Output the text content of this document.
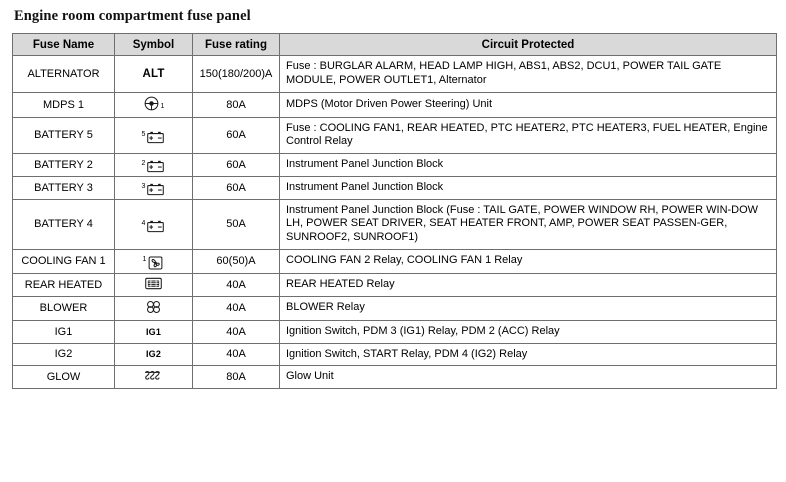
Engine room compartment fuse panel
Fuse Name	Symbol	Fuse rating	Circuit Protected
ALTERNATOR	ALT	150(180/200)A	Fuse : BURGLAR ALARM, HEAD LAMP HIGH, ABS1, ABS2, DCU1, POWER TAIL GATE MODULE, POWER OUTLET1, Alternator
MDPS 1	1	80A	MDPS (Motor Driven Power Steering) Unit
BATTERY 5	5	60A	Fuse : COOLING FAN1, REAR HEATED, PTC HEATER2, PTC HEATER3, FUEL HEATER, Engine Control Relay
BATTERY 2	2	60A	Instrument Panel Junction Block
BATTERY 3	3	60A	Instrument Panel Junction Block
BATTERY 4	4	50A	Instrument Panel Junction Block (Fuse : TAIL GATE, POWER WINDOW RH, POWER WIN-DOW LH, POWER SEAT DRIVER, SEAT HEATER FRONT, AMP, POWER SEAT PASSEN-GER, SUNROOF2, SUNROOF1)
COOLING FAN 1	1	60(50)A	COOLING FAN 2 Relay, COOLING FAN 1 Relay
REAR HEATED		40A	REAR HEATED Relay
BLOWER		40A	BLOWER Relay
IG1	IG1	40A	Ignition Switch, PDM 3 (IG1) Relay, PDM 2 (ACC) Relay
IG2	IG2	40A	Ignition Switch, START Relay, PDM 4 (IG2) Relay
GLOW		80A	Glow Unit
